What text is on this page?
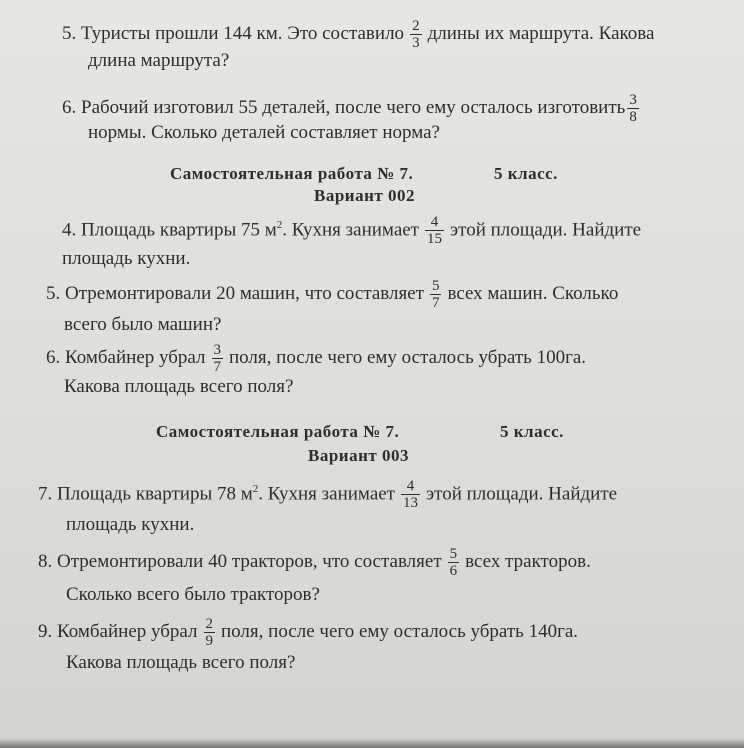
5. Туристы прошли 144 км. Это составило $\frac{2}{3}$ длины их маршрута. Какова
длина маршрута?
6. Рабочий изготовил 55 деталей, после чего ему осталось изготовить $\frac{3}{8}$
нормы. Сколько деталей составляет норма?
Самостоятельная работа № 7.	5 класс.
Вариант 002
4. Площадь квартиры 75 $м^2$. Кухня занимает $\frac{4}{15}$ этой площади. Найдите
площадь кухни.
5. Отремонтировали 20 машин, что составляет $\frac{5}{7}$ всех машин. Сколько
всего было машин?
6. Комбайнер убрал $\frac{3}{7}$ поля, после чего ему осталось убрать 100га.
Какова площадь всего поля?
Самостоятельная работа № 7.	5 класс.
Вариант 003
7. Площадь квартиры 78 $м^2$. Кухня занимает $\frac{4}{13}$ этой площади. Найдите
площадь кухни.
8. Отремонтировали 40 тракторов, что составляет $\frac{5}{6}$ всех тракторов.
Сколько всего было тракторов?
9. Комбайнер убрал $\frac{2}{9}$ поля, после чего ему осталось убрать 140га.
Какова площадь всего поля?
